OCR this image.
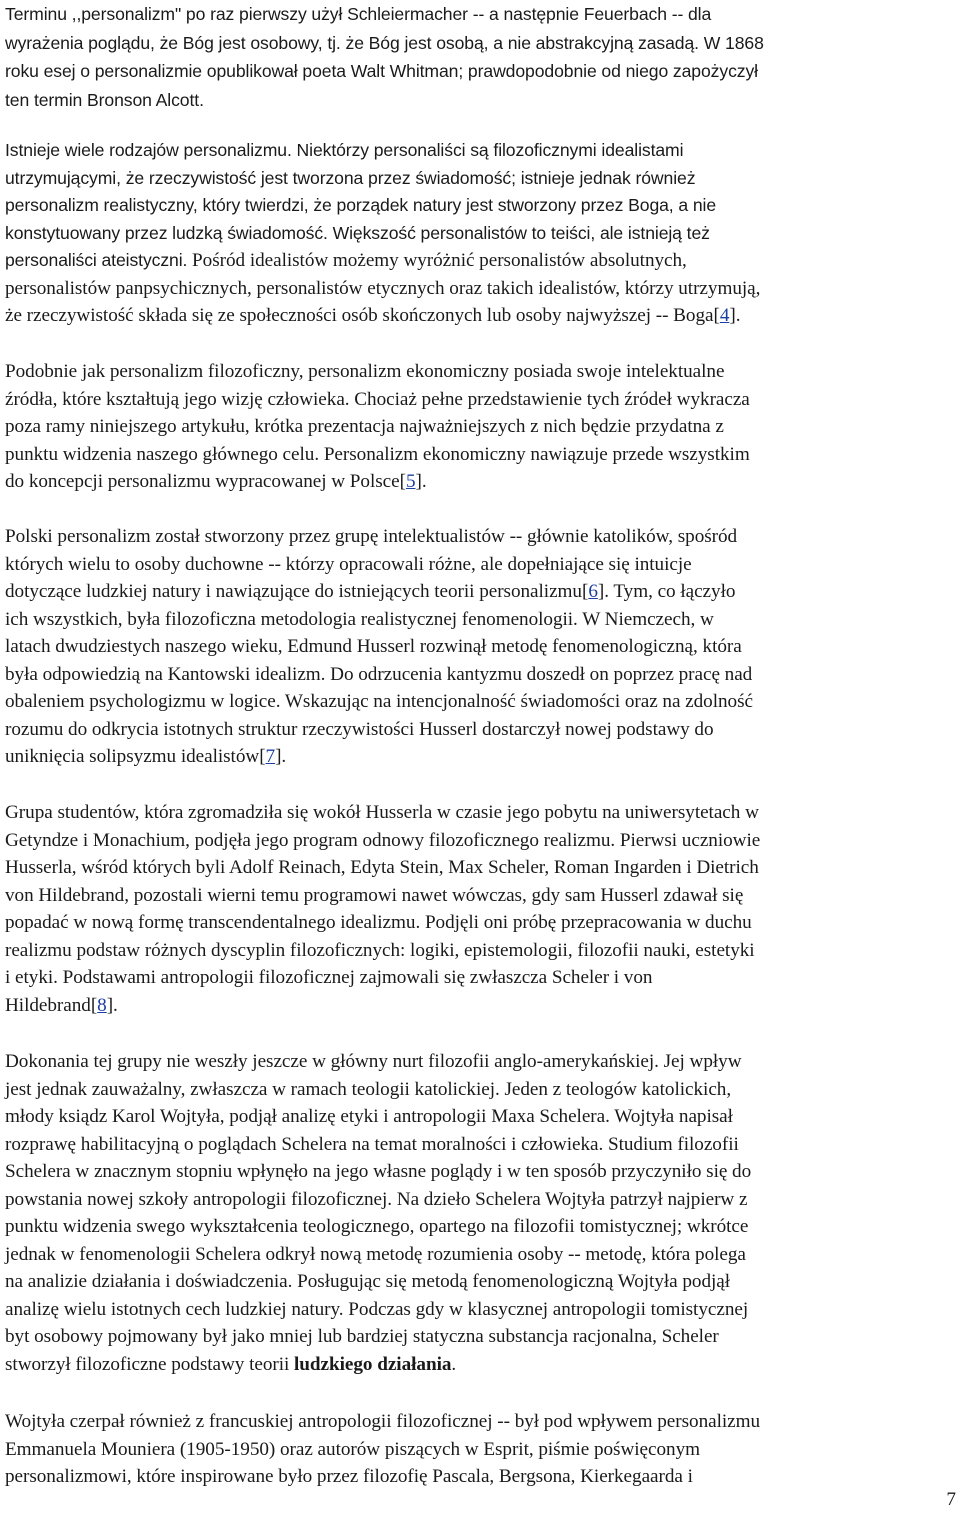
Terminu ,,personalizm" po raz pierwszy użył Schleiermacher -- a następnie Feuerbach -- dla
wyrażenia poglądu, że Bóg jest osobowy, tj. że Bóg jest osobą, a nie abstrakcyjną zasadą. W 1868
roku esej o personalizmie opublikował poeta Walt Whitman; prawdopodobnie od niego zapożyczył
ten termin Bronson Alcott.

Istnieje wiele rodzajów personalizmu. Niektórzy personaliści są filozoficznymi idealistami
utrzymującymi, że rzeczywistość jest tworzona przez świadomość; istnieje jednak również
personalizm realistyczny, który twierdzi, że porządek natury jest stworzony przez Boga, a nie
konstytuowany przez ludzką świadomość. Większość personalistów to teiści, ale istnieją też
personaliści ateistyczni. Pośród idealistów możemy wyróżnić personalistów absolutnych,
personalistów panpsychicznych, personalistów etycznych oraz takich idealistów, którzy utrzymują,
że rzeczywistość składa się ze społeczności osób skończonych lub osoby najwyższej -- Boga[4].

Podobnie jak personalizm filozoficzny, personalizm ekonomiczny posiada swoje intelektualne
źródła, które kształtują jego wizję człowieka. Chociaż pełne przedstawienie tych źródeł wykracza
poza ramy niniejszego artykułu, krótka prezentacja najważniejszych z nich będzie przydatna z
punktu widzenia naszego głównego celu. Personalizm ekonomiczny nawiązuje przede wszystkim
do koncepcji personalizmu wypracowanej w Polsce[5].

Polski personalizm został stworzony przez grupę intelektualistów -- głównie katolików, spośród
których wielu to osoby duchowne -- którzy opracowali różne, ale dopełniające się intuicje
dotyczące ludzkiej natury i nawiązujące do istniejących teorii personalizmu[6]. Tym, co łączyło
ich wszystkich, była filozoficzna metodologia realistycznej fenomenologii. W Niemczech, w
latach dwudziestych naszego wieku, Edmund Husserl rozwinął metodę fenomenologiczną, która
była odpowiedzią na Kantowski idealizm. Do odrzucenia kantyzmu doszedł on poprzez pracę nad
obaleniem psychologizmu w logice. Wskazując na intencjonalność świadomości oraz na zdolność
rozumu do odkrycia istotnych struktur rzeczywistości Husserl dostarczył nowej podstawy do
uniknięcia solipsyzmu idealistów[7].

Grupa studentów, która zgromadziła się wokół Husserla w czasie jego pobytu na uniwersytetach w
Getyndze i Monachium, podjęła jego program odnowy filozoficznego realizmu. Pierwsi uczniowie
Husserla, wśród których byli Adolf Reinach, Edyta Stein, Max Scheler, Roman Ingarden i Dietrich
von Hildebrand, pozostali wierni temu programowi nawet wówczas, gdy sam Husserl zdawał się
popadać w nową formę transcendentalnego idealizmu. Podjęli oni próbę przepracowania w duchu
realizmu podstaw różnych dyscyplin filozoficznych: logiki, epistemologii, filozofii nauki, estetyki
i etyki. Podstawami antropologii filozoficznej zajmowali się zwłaszcza Scheler i von
Hildebrand[8].

Dokonania tej grupy nie weszły jeszcze w główny nurt filozofii anglo-amerykańskiej. Jej wpływ
jest jednak zauważalny, zwłaszcza w ramach teologii katolickiej. Jeden z teologów katolickich,
młody ksiądz Karol Wojtyła, podjął analizę etyki i antropologii Maxa Schelera. Wojtyła napisał
rozprawę habilitacyjną o poglądach Schelera na temat moralności i człowieka. Studium filozofii
Schelera w znacznym stopniu wpłynęło na jego własne poglądy i w ten sposób przyczyniło się do
powstania nowej szkoły antropologii filozoficznej. Na dzieło Schelera Wojtyła patrzył najpierw z
punktu widzenia swego wykształcenia teologicznego, opartego na filozofii tomistycznej; wkrótce
jednak w fenomenologii Schelera odkrył nową metodę rozumienia osoby -- metodę, która polega
na analizie działania i doświadczenia. Posługując się metodą fenomenologiczną Wojtyła podjął
analizę wielu istotnych cech ludzkiej natury. Podczas gdy w klasycznej antropologii tomistycznej
byt osobowy pojmowany był jako mniej lub bardziej statyczna substancja racjonalna, Scheler
stworzył filozoficzne podstawy teorii ludzkiego działania.

Wojtyła czerpał również z francuskiej antropologii filozoficznej -- był pod wpływem personalizmu
Emmanuela Mouniera (1905-1950) oraz autorów piszących w Esprit, piśmie poświęconym
personalizmowi, które inspirowane było przez filozofię Pascala, Bergsona, Kierkegaarda i

7
